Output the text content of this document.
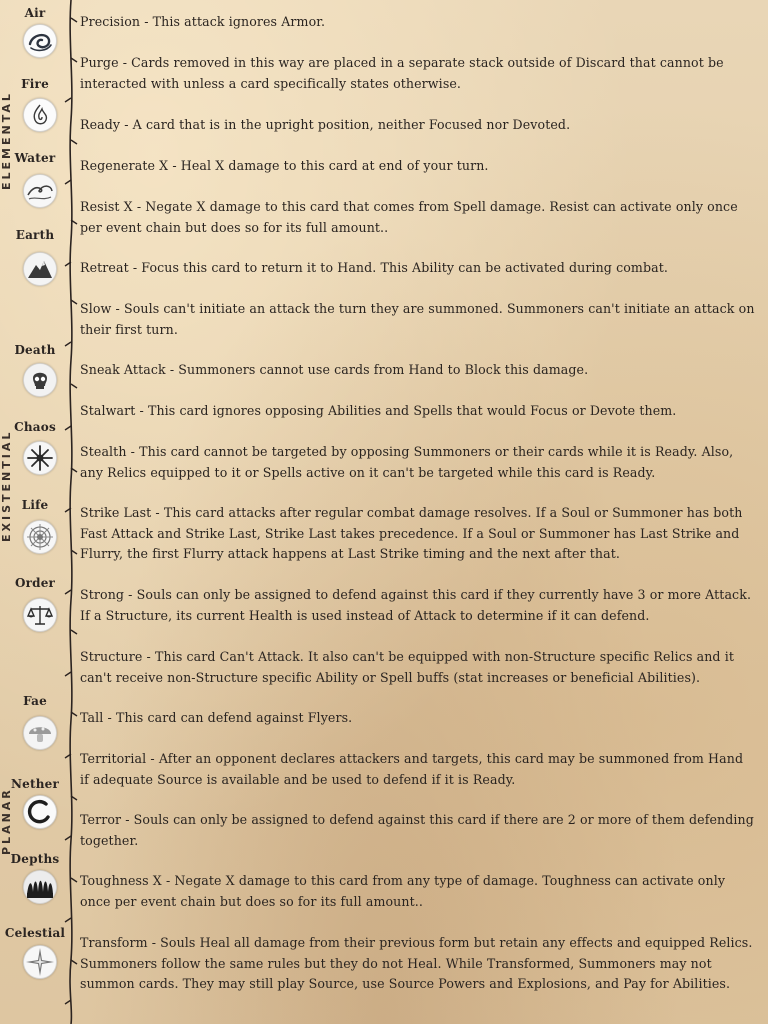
ELEMENTAL
EXISTENTIAL
PLANAR
Air
Fire
Water
Earth
Death
Chaos
Life
Order
Fae
Nether
Depths
Celestial
Precision - This attack ignores Armor.
Purge - Cards removed in this way are placed in a separate stack outside of Discard that cannot be interacted with unless a card specifically states otherwise.
Ready - A card that is in the upright position, neither Focused nor Devoted.
Regenerate X - Heal X damage to this card at end of your turn.
Resist X - Negate X damage to this card that comes from Spell damage. Resist can activate only once per event chain but does so for its full amount..
Retreat - Focus this card to return it to Hand. This Ability can be activated during combat.
Slow - Souls can't initiate an attack the turn they are summoned. Summoners can't initiate an attack on their first turn.
Sneak Attack - Summoners cannot use cards from Hand to Block this damage.
Stalwart - This card ignores opposing Abilities and Spells that would Focus or Devote them.
Stealth - This card cannot be targeted by opposing Summoners or their cards while it is Ready. Also, any Relics equipped to it or Spells active on it can't be targeted while this card is Ready.
Strike Last - This card attacks after regular combat damage resolves. If a Soul or Summoner has both Fast Attack and Strike Last, Strike Last takes precedence. If a Soul or Summoner has Last Strike and Flurry, the first Flurry attack happens at Last Strike timing and the next after that.
Strong - Souls can only be assigned to defend against this card if they currently have 3 or more Attack. If a Structure, its current Health is used instead of Attack to determine if it can defend.
Structure - This card Can't Attack. It also can't be equipped with non-Structure specific Relics and it can't receive non-Structure specific Ability or Spell buffs (stat increases or beneficial Abilities).
Tall - This card can defend against Flyers.
Territorial - After an opponent declares attackers and targets, this card may be summoned from Hand if adequate Source is available and be used to defend if it is Ready.
Terror - Souls can only be assigned to defend against this card if there are 2 or more of them defending together.
Toughness X - Negate X damage to this card from any type of damage. Toughness can activate only once per event chain but does so for its full amount..
Transform - Souls Heal all damage from their previous form but retain any effects and equipped Relics. Summoners follow the same rules but they do not Heal. While Transformed, Summoners may not summon cards. They may still play Source, use Source Powers and Explosions, and Pay for Abilities.
